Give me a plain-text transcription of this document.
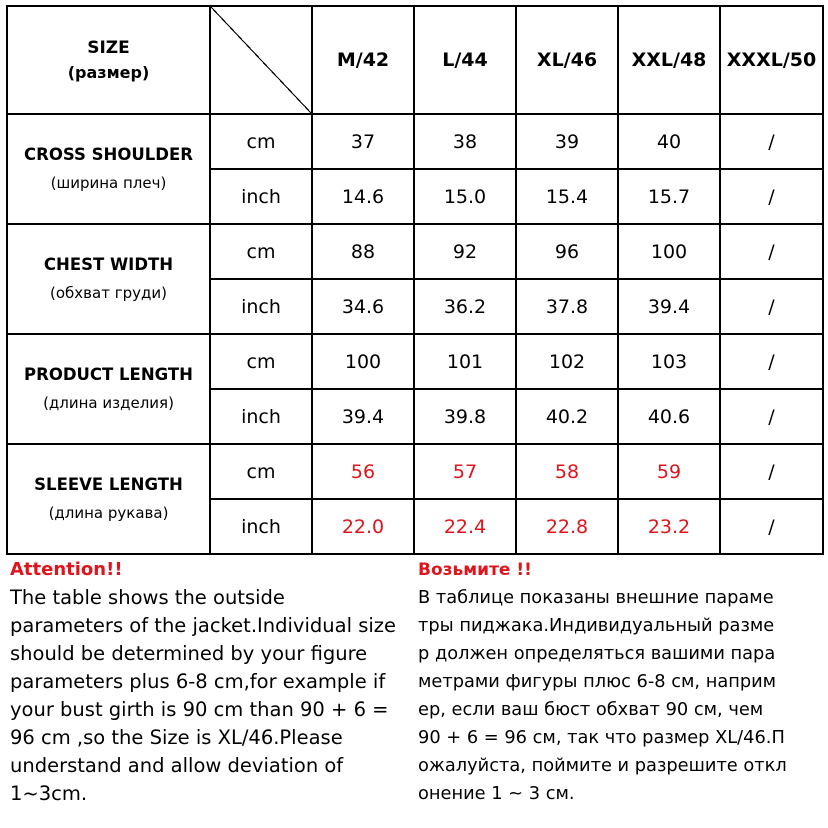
SIZE
(размер)		M/42	L/44	XL/46	XXL/48	XXXL/50

CROSS SHOULDER
(ширина плеч)	cm	37	38	39	40	/
	inch	14.6	15.0	15.4	15.7	/

CHEST WIDTH
(обхват груди)	cm	88	92	96	100	/
	inch	34.6	36.2	37.8	39.4	/

PRODUCT LENGTH
(длина изделия)	cm	100	101	102	103	/
	inch	39.4	39.8	40.2	40.6	/

SLEEVE LENGTH
(длина рукава)	cm	56	57	58	59	/
	inch	22.0	22.4	22.8	23.2	/
Attention!!
The table shows the outside
parameters of the jacket.Individual size
should be determined by your figure
parameters plus 6-8 cm,for example if
your bust girth is 90 cm than 90 + 6 =
96 cm ,so the Size is XL/46.Please
understand and allow deviation of
1~3cm.
Возьмите !!
В таблице показаны внешние параме
тры пиджака.Индивидуальный разме
р должен определяться вашими пара
метрами фигуры плюс 6-8 см, наприм
ер, если ваш бюст обхват 90 см, чем
90 + 6 = 96 см, так что размер XL/46.П
ожалуйста, поймите и разрешите откл
онение 1 ~ 3 см.
